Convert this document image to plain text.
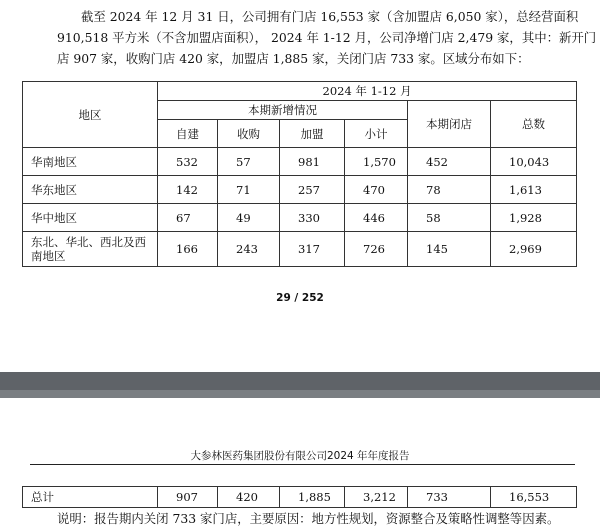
截至 2024 年 12 月 31 日，公司拥有门店 16,553 家（含加盟店 6,050 家），总经营面积

910,518 平方米（不含加盟店面积）， 2024 年 1-12 月，公司净增门店 2,479 家，其中：新开门

店 907 家，收购门店 420 家，加盟店 1,885 家，关闭门店 733 家。区域分布如下：

地区	2024 年 1-12 月					
	本期新增情况				本期闭店	总数
	自建	收购	加盟	小计		
华南地区	532	57	981	1,570	452	10,043
华东地区	142	71	257	470	78	1,613
华中地区	67	49	330	446	58	1,928
东北、华北、西北及西南地区	166	243	317	726	145	2,969
29 / 252
大参林医药集团股份有限公司2024 年年度报告
总计	907	420	1,885	3,212	733	16,553
说明：报告期内关闭 733 家门店，主要原因：地方性规划，资源整合及策略性调整等因素。
